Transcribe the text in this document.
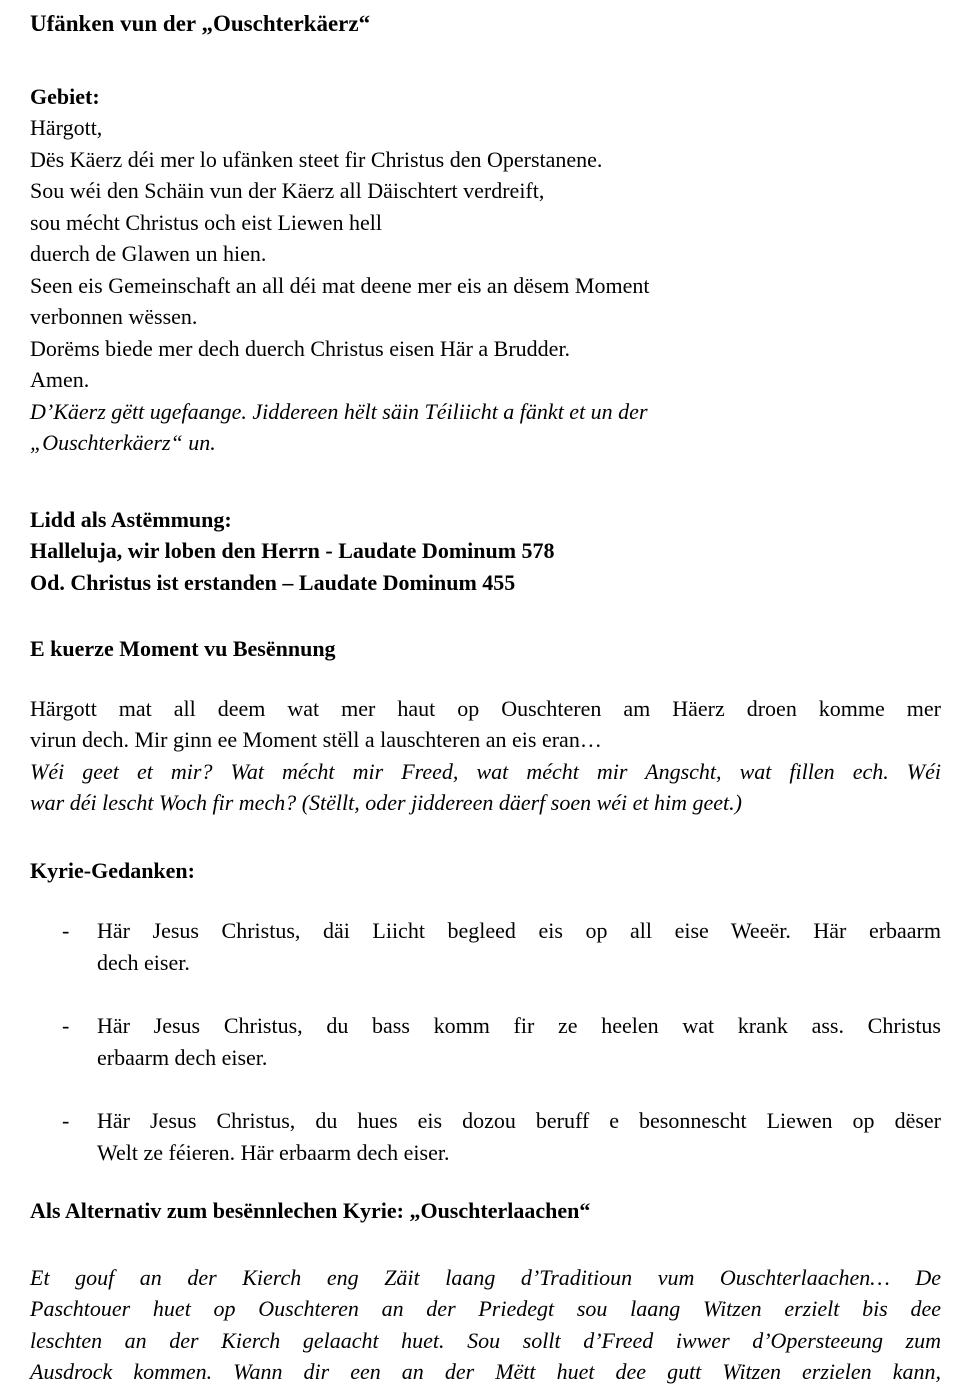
Ufänken vun der „Ouschterkäerz“
Gebiet:
Härgott,
Dës Käerz déi mer lo ufänken steet fir Christus den Operstanene.
Sou wéi den Schäin vun der Käerz all Däischtert verdreift,
sou mécht Christus och eist Liewen hell
duerch de Glawen un hien.
Seen eis Gemeinschaft an all déi mat deene mer eis an dësem Moment
verbonnen wëssen.
Dorëms biede mer dech duerch Christus eisen Här a Brudder.
Amen.
D’Käerz gëtt ugefaange. Jiddereen hëlt säin Téiliicht a fänkt et un der
„Ouschterkäerz“ un.
Lidd als Astëmmung:
Halleluja, wir loben den Herrn - Laudate Dominum 578
Od. Christus ist erstanden – Laudate Dominum 455
E kuerze Moment vu Besënnung
Härgott mat all deem wat mer haut op Ouschteren am Häerz droen komme mer
virun dech. Mir ginn ee Moment stëll a lauschteren an eis eran…
Wéi geet et mir? Wat mécht mir Freed, wat mécht mir Angscht, wat fillen ech. Wéi
war déi lescht Woch fir mech? (Stëllt, oder jiddereen däerf soen wéi et him geet.)
Kyrie-Gedanken:
- Här Jesus Christus, däi Liicht begleed eis op all eise Weeër. Här erbaarm
dech eiser.
- Här Jesus Christus, du bass komm fir ze heelen wat krank ass. Christus
erbaarm dech eiser.
- Här Jesus Christus, du hues eis dozou beruff e besonnescht Liewen op dëser
Welt ze féieren. Här erbaarm dech eiser.
Als Alternativ zum besënnlechen Kyrie: „Ouschterlaachen“
Et gouf an der Kierch eng Zäit laang d’Traditioun vum Ouschterlaachen… De
Paschtouer huet op Ouschteren an der Priedegt sou laang Witzen erzielt bis dee
leschten an der Kierch gelaacht huet. Sou sollt d’Freed iwwer d’Opersteeung zum
Ausdrock kommen. Wann dir een an der Mëtt huet dee gutt Witzen erzielen kann,
